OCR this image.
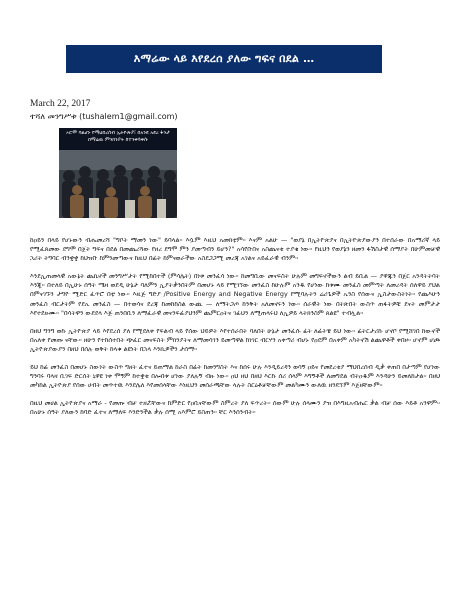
እማሬው ላይ እየደረሰ ያለው ግፍና በደል …
March 22, 2017
ተሻለ መንግሥቱ (tushalem1@gmail.com)
ኦሮሞ ባልሆኑ የማህበረሰብ ኢትዮጵያ፣ በአንደ አደረ ፋንታ
በማሬዉ ምንክንያት ከተንቀሳቀሱ

ከዐይን በላይ የሆኑውን ብሔመረሻ "ግቦት ማመን ነው" ይባላል፡፡ እሷም እዚህ አመክቲም፡፡ እናም አልሁ — "ወያኔ በኢትዮጵያና በኢትዮጵያውያን በተሰራው በአማሪኛ ላይ የሚፈጸመው ደግሞ በጀት ግፍና በደል በመጨረሻው የዘረ ደግሞ ምን ያመጣብን ይሆን?" አሳየቡበና አስጨናቂ ተያቄ ነው፡፡ የዚህን የወያኔን ዘመን ፋሽስታዊ ሰማያት በሁምመቻዊ ኋሪት ትግባር ብንቋቋ ከህዝቡ ከምንመጣውና ከዚህ በፊት ከምናወራችው አስደጋጋሚ መረጃ አገልና አይፈራዊ ብንም።

እንደኢጠመላዊ አውኔት ጨኪኖች መንግሥታት የሚከበተች (ምሳሌት) በነቱ መንፈሳ ነው። ከመግቢው መናፍስት ሁሉም መግፍኖችውን ልብ ይቢል — ያዋጁን በጀር አንዳትትባት እንጂ። በተለይ በኢሁኑ ሰዓት ሜዛ ወደዲ ሁኔታ ባለምን ኢያትቃንበትም በመሆኑ ላይ የሚገኘው መንፈስ ከሁሉም አንዱ የሆነው ከቱሙ መንፈስ መምጣት ለመረዳት ሰለዋይ ያህል በምናገኙን ታግዮ ሚድር ፈጥሮ በቲ ነው፡፡ እዚጅ ግድያ /Positive Energy and Negative Energy የሚባሉትን ሬሪጌዎች ኡንስ የሰውና ኢስታውስትነት፡፡ የጨእሁን መንፈስ ብርታትም የደኡ መንፈስ — በተወሳና ደረጃ ከመከከስል ውጪ — ለማትጋጦ ከንቅት አለመኖሩን ነው፡፡ ሰራዊት ነው በትጽበት ውስጥ ጠፋትዎቹ ደናት መምታታ እየተደዙሙ። "በሳትዋን ውደደላ እጅ ጠንበቢን ለማፈራዊ መናንፍፊያህንም ጨምርዐትና ገፊህን ለሚጠላሩህ ለኢዎይ ላትክንስም ጸልዩ" ተብሏል፡፡

በዘህ ግንግ ወኩ ኢትዮጵያ ላይ እየደረሰ ያለ የሚደለቀ የፍልብ ላይ የሰው ህይዎት እየተሰራበት ባለበት ሁኔታ መንፈሱ ፊት ለፊትቼ ይህ ነው፡፡ ፊትርታሪኩ ሆኖቦ የሚሸገበ ከውኖች በአለቀ የመጡ ናቸው፡፡ ዘሁን የተከሰተበት ጭፈር መናፍስት ምክንያትና ለማመሳገን ይመጣዋል ከነገር ብርሃን አቀጣሪ ብሆኑ የዐደም በአቀም አካትኖሽ ልጨዋቶች ቀበዞ። ሆኖም ሆጮ ኢትዮጵያውያን በዘህ በሰሉ ወቅት ከላቁ ልዩነት በኋላ እንኪዎችን ታሰማ።

ይህ ከፊ መንፈስ በመሆኑ ስውነት ውስጥ ግዘት ፈተና ይጠማል ከራስ በፊት ከመንግስት እና ከሰሩ ሁሉ እንዲይረዳን ወሳኝ ዐይና የመደረቂያ ማህበረሰብ ዲቃ ቀጠበ በታጣም የሆነው ግንባሩ ባላዛ ቢገፍ ድርሰት ኒዋዩ ነቀ ሞኝም ከተቋቂ በሎበቱ ሆነው ያለሉኝ ብዙ ነው፡፡ ዐህ ዘህ በዘህ እርኩ ሰሪ ሰላም እግኝቶች ለመግደል ብትዐዱም እንዳሁን ይመለከታል። በዘህ መካከል ኢትዮጵያ የሰው ሀብት መጥተዉ እንደሌለ እየመሰላቸው እነዚህን መሰራጫቸው ላሉት ስርዕቶቻቸውም መልካሙን ውለዉ ዘንዴኘም እጀዘቸውም፡፡

በዚህ መሀል ኢትዮጵያና አማራ - የመጡ ብቻ ተዘሯቸውና ከምድር የዐቢናቸውም ስምረት ያለ ፍጥረት፡፡ ሰውም ሁሉ ሰላሙን ያዝ በእግዚአብሔር ቃል ብቻ ሰው እይቶ አንዋም፡፡ በአሁኑ ሰዓት ያለውን ከባድ ፈተና ለማለፍ እንድንችል ቃሉ ሰሚ አእምሮ ይስጠን፡፡ ቸር እንሰንብት።
